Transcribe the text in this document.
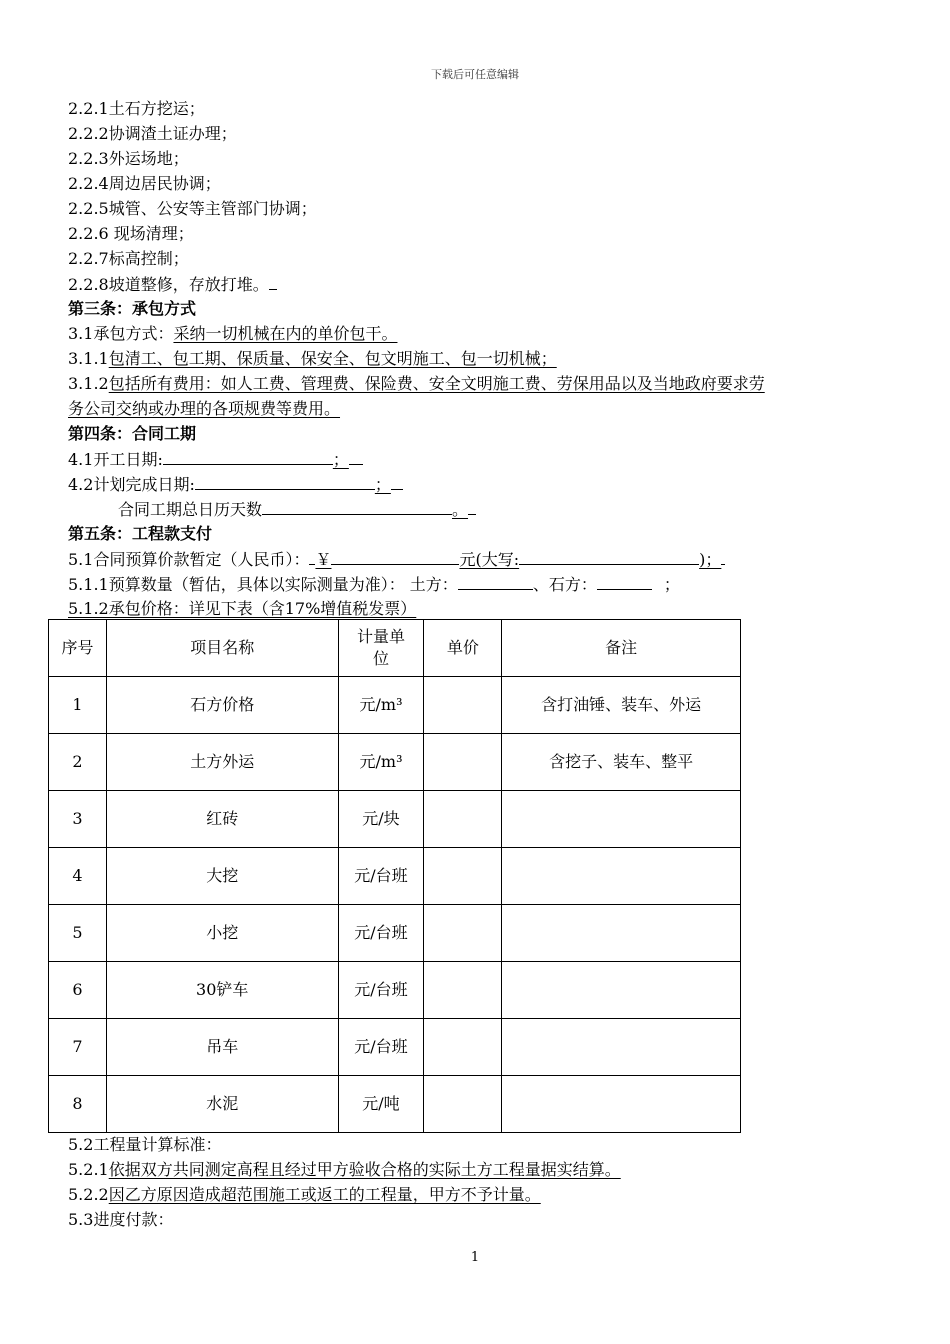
下载后可任意编辑
2.2.1土石方挖运；
2.2.2协调渣土证办理；
2.2.3外运场地；
2.2.4周边居民协调；
2.2.5城管、公安等主管部门协调；
2.2.6 现场清理；
2.2.7标高控制；
2.2.8坡道整修，存放打堆。
第三条：承包方式
3.1承包方式：采纳一切机械在内的单价包干。
3.1.1包清工、包工期、保质量、保安全、包文明施工、包一切机械；
3.1.2包括所有费用：如人工费、管理费、保险费、安全文明施工费、劳保用品以及当地政府要求劳
务公司交纳或办理的各项规费等费用。
第四条：合同工期
4.1开工日期:	；
4.2计划完成日期:	；
合同工期总日历天数	。
第五条：工程款支付
5.1合同预算价款暂定（人民币）： ￥	元(大写:	)；
5.1.1预算数量（暂估，具体以实际测量为准）： 土方：	、石方：	；
5.1.2承包价格：详见下表（含17%增值税发票）
序号	项目名称	计量单位	单价	备注
1	石方价格	元/m³		含打油锤、装车、外运
2	土方外运	元/m³		含挖子、装车、整平
3	红砖	元/块		
4	大挖	元/台班		
5	小挖	元/台班		
6	30铲车	元/台班		
7	吊车	元/台班		
8	水泥	元/吨		
5.2工程量计算标准：
5.2.1依据双方共同测定高程且经过甲方验收合格的实际土方工程量据实结算。
5.2.2因乙方原因造成超范围施工或返工的工程量，甲方不予计量。
5.3进度付款：
1
